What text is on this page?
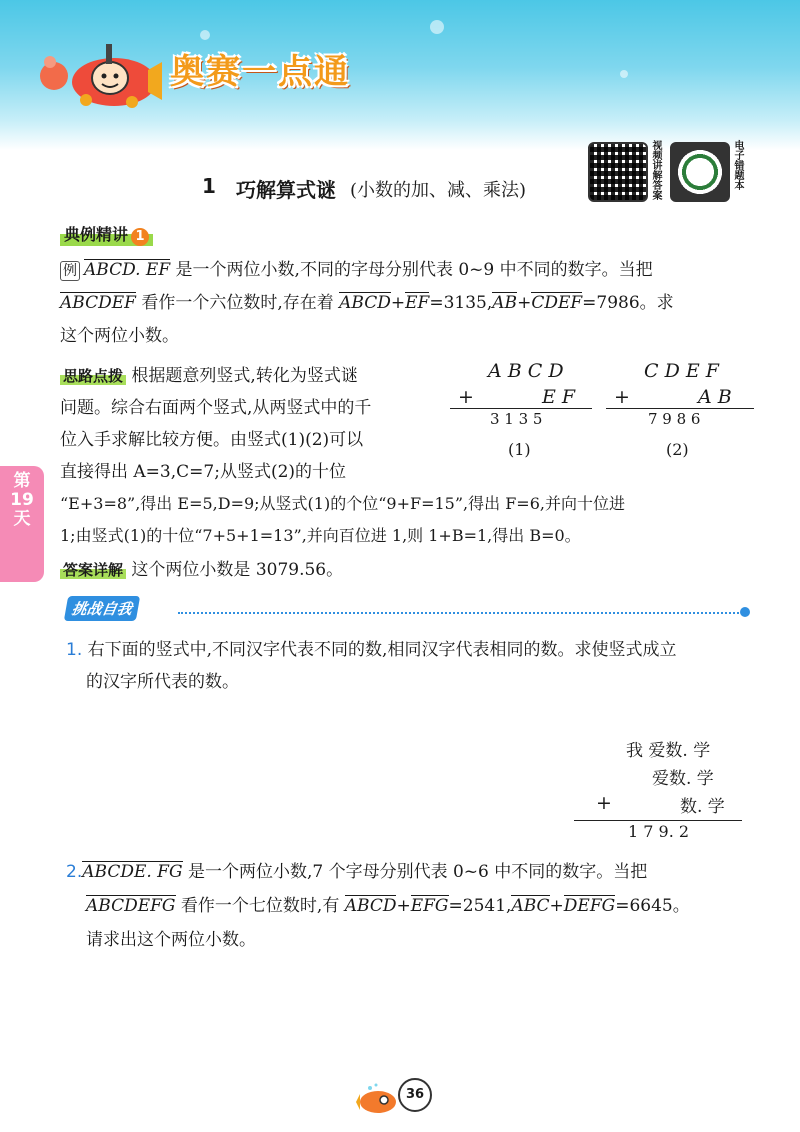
奥赛一点通
1 巧解算式谜 (小数的加、减、乘法)	视频讲解答案	电子错题本
典例精讲 1
例 ABCD. EF 是一个两位小数,不同的字母分别代表 0~9 中不同的数字。当把
ABCDEF 看作一个六位数时,存在着 ABCD+EF=3135,AB+CDEF=7986。求
这个两位小数。
思路点拨 根据题意列竖式,转化为竖式谜
问题。综合右面两个竖式,从两竖式中的千
位入手求解比较方便。由竖式(1)(2)可以
直接得出 A=3,C=7;从竖式(2)的十位
“E+3=8”,得出 E=5,D=9;从竖式(1)的个位“9+F=15”,得出 F=6,并向十位进
1;由竖式(1)的十位“7+5+1=13”,并向百位进 1,则 1+B=1,得出 B=0。
A B C D
+	E F
3 1 3 5
(1)
C D E F
+	A B
7 9 8 6
(2)
第
19
天
答案详解 这个两位小数是 3079.56。
挑战自我
1. 右下面的竖式中,不同汉字代表不同的数,相同汉字代表相同的数。求使竖式成立
的汉字所代表的数。
我 爱数. 学
爱数. 学
+	数. 学
1 7 9. 2
2.ABCDE. FG 是一个两位小数,7 个字母分别代表 0~6 中不同的数字。当把
ABCDEFG 看作一个七位数时,有 ABCD+EFG=2541,ABC+DEFG=6645。
请求出这个两位小数。
36
